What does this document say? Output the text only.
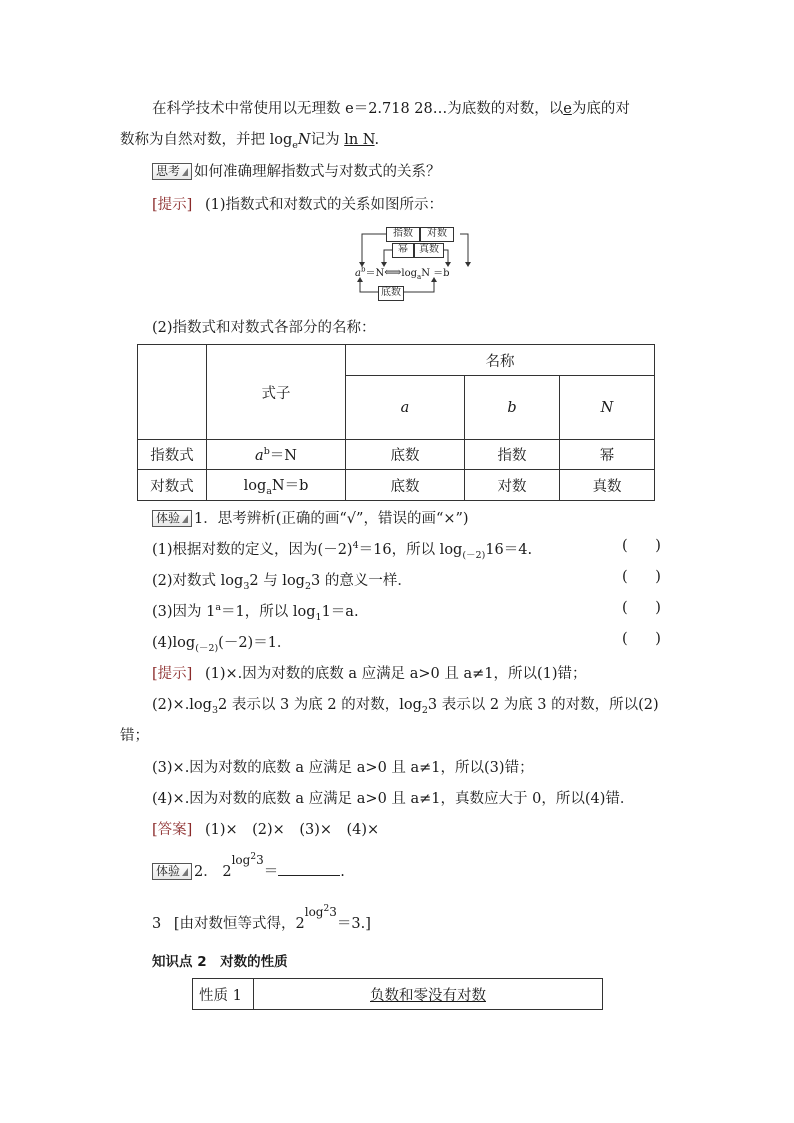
在科学技术中常使用以无理数 e＝2.718 28…为底数的对数，以e为底的对
数称为自然对数，并把 $\log_eN$记为 ln N.
思考 如何准确理解指数式与对数式的关系？
[提示] (1)指数式和对数式的关系如图所示：
指数	对数
幂	真数
$a^b=N⟺\log_aN =b$
底数
(2)指数式和对数式各部分的名称：
	式子	名称		
		a	b	N
指数式	$a^b=N$	底数	指数	幂
对数式	$\log_aN=b$	底数	对数	真数
体验 1．思考辨析(正确的画“√”，错误的画“×”)
(1)根据对数的定义，因为$(-2)^4=16$，所以 $\log_{(-2)}16=4$.	(      )
(2)对数式 $\log_32$ 与 $\log_23$ 的意义一样．	(      )
(3)因为 $1^a=1$，所以 $\log_11=a$.	(      )
$(4)\log_{(-2)}(-2)=1$．	(      )
[提示] (1)×.因为对数的底数 a 应满足 a>0 且 a≠1，所以(1)错；
$(2)\times.\log_32$ 表示以 3 为底 2 的对数，$\log_23$ 表示以 2 为底 3 的对数，所以(2)
错；
(3)×.因为对数的底数 a 应满足 a>0 且 a≠1，所以(3)错；
(4)×.因为对数的底数 a 应满足 a>0 且 a≠1，真数应大于 0，所以(4)错．
[答案] (1)×　(2)×　(3)×　(4)×
体验 2． $2^{log^23}=$	.
3 [由对数恒等式得，$2^{log^23}=3$.]
知识点 2　对数的性质
性质 1	负数和零没有对数
